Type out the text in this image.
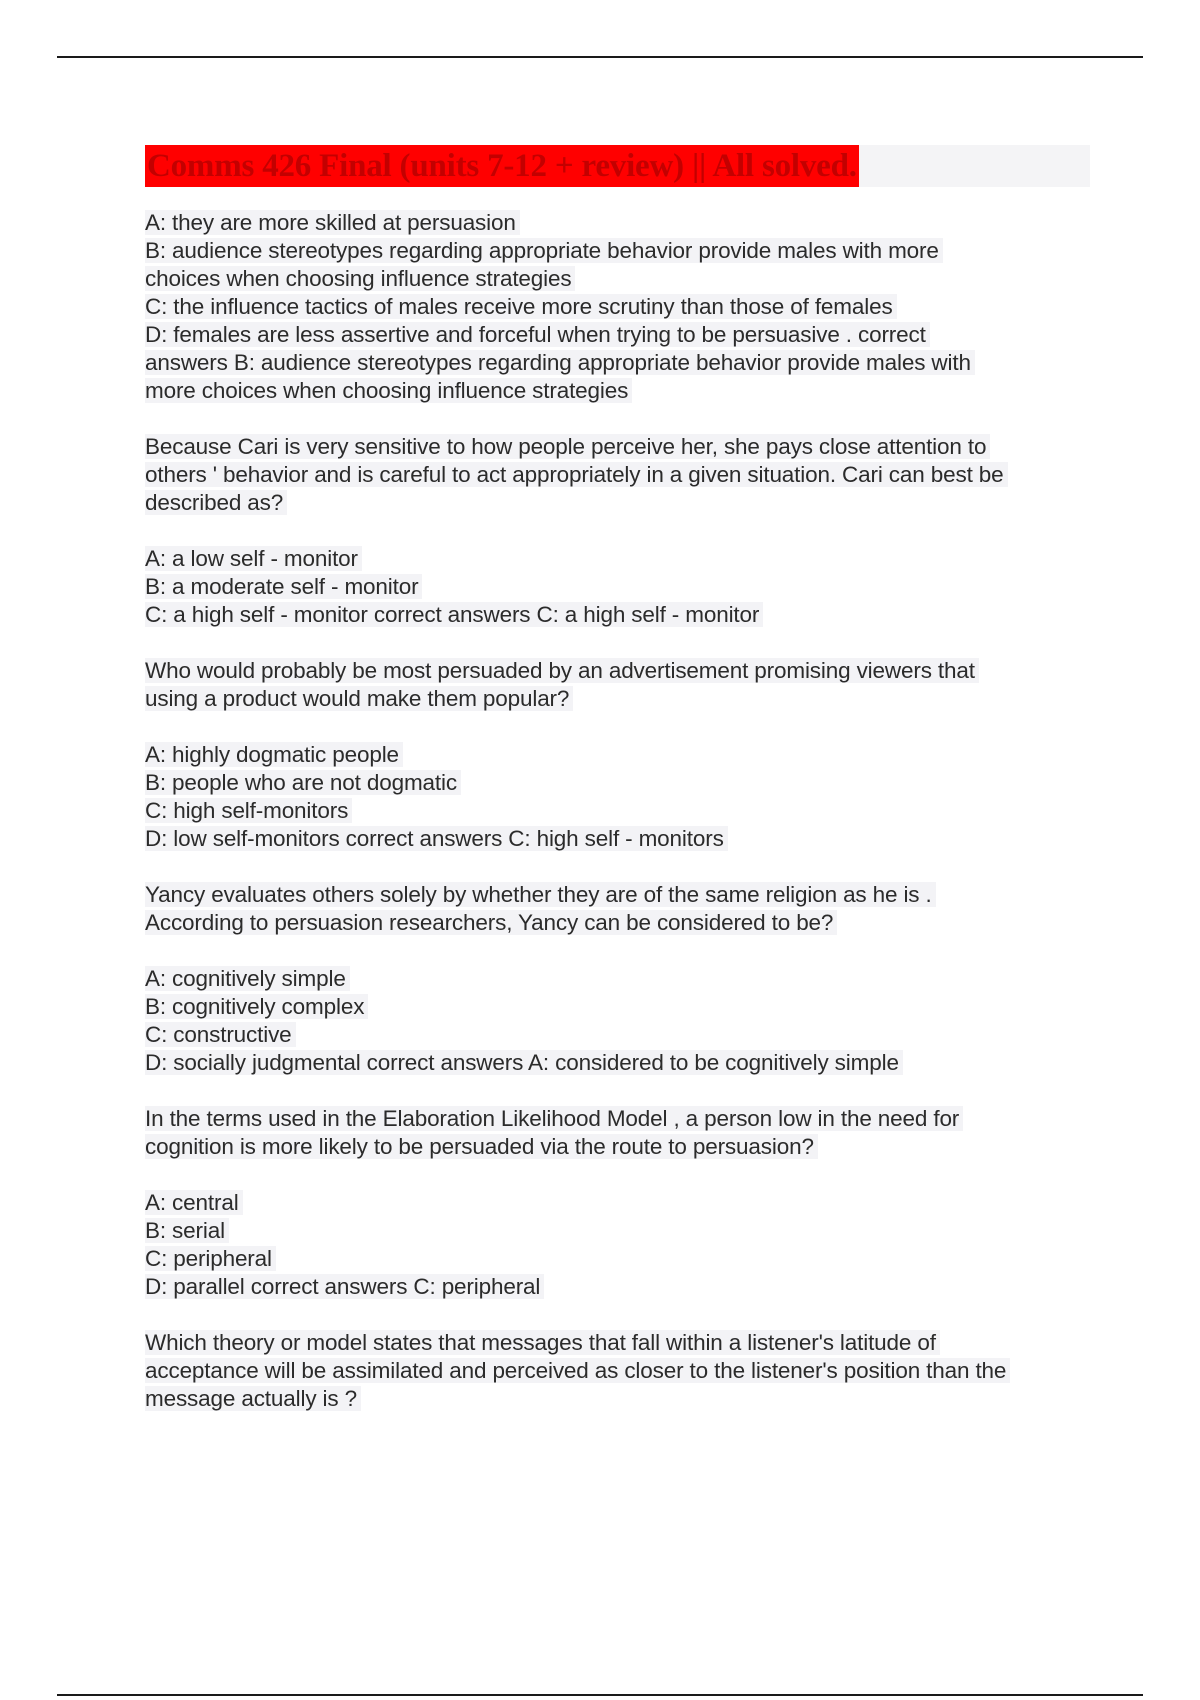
Comms 426 Final (units 7-12 + review) || All solved.
A: they are more skilled at persuasion
B: audience stereotypes regarding appropriate behavior provide males with more
choices when choosing influence strategies
C: the influence tactics of males receive more scrutiny than those of females
D: females are less assertive and forceful when trying to be persuasive . correct
answers B: audience stereotypes regarding appropriate behavior provide males with
more choices when choosing influence strategies
Because Cari is very sensitive to how people perceive her, she pays close attention to
others ' behavior and is careful to act appropriately in a given situation. Cari can best be
described as?
A: a low self - monitor
B: a moderate self - monitor
C: a high self - monitor correct answers C: a high self - monitor
Who would probably be most persuaded by an advertisement promising viewers that
using a product would make them popular?
A: highly dogmatic people
B: people who are not dogmatic
C: high self-monitors
D: low self-monitors correct answers C: high self - monitors
Yancy evaluates others solely by whether they are of the same religion as he is .
According to persuasion researchers, Yancy can be considered to be?
A: cognitively simple
B: cognitively complex
C: constructive
D: socially judgmental correct answers A: considered to be cognitively simple
In the terms used in the Elaboration Likelihood Model , a person low in the need for
cognition is more likely to be persuaded via the route to persuasion?
A: central
B: serial
C: peripheral
D: parallel correct answers C: peripheral
Which theory or model states that messages that fall within a listener's latitude of
acceptance will be assimilated and perceived as closer to the listener's position than the
message actually is ?
